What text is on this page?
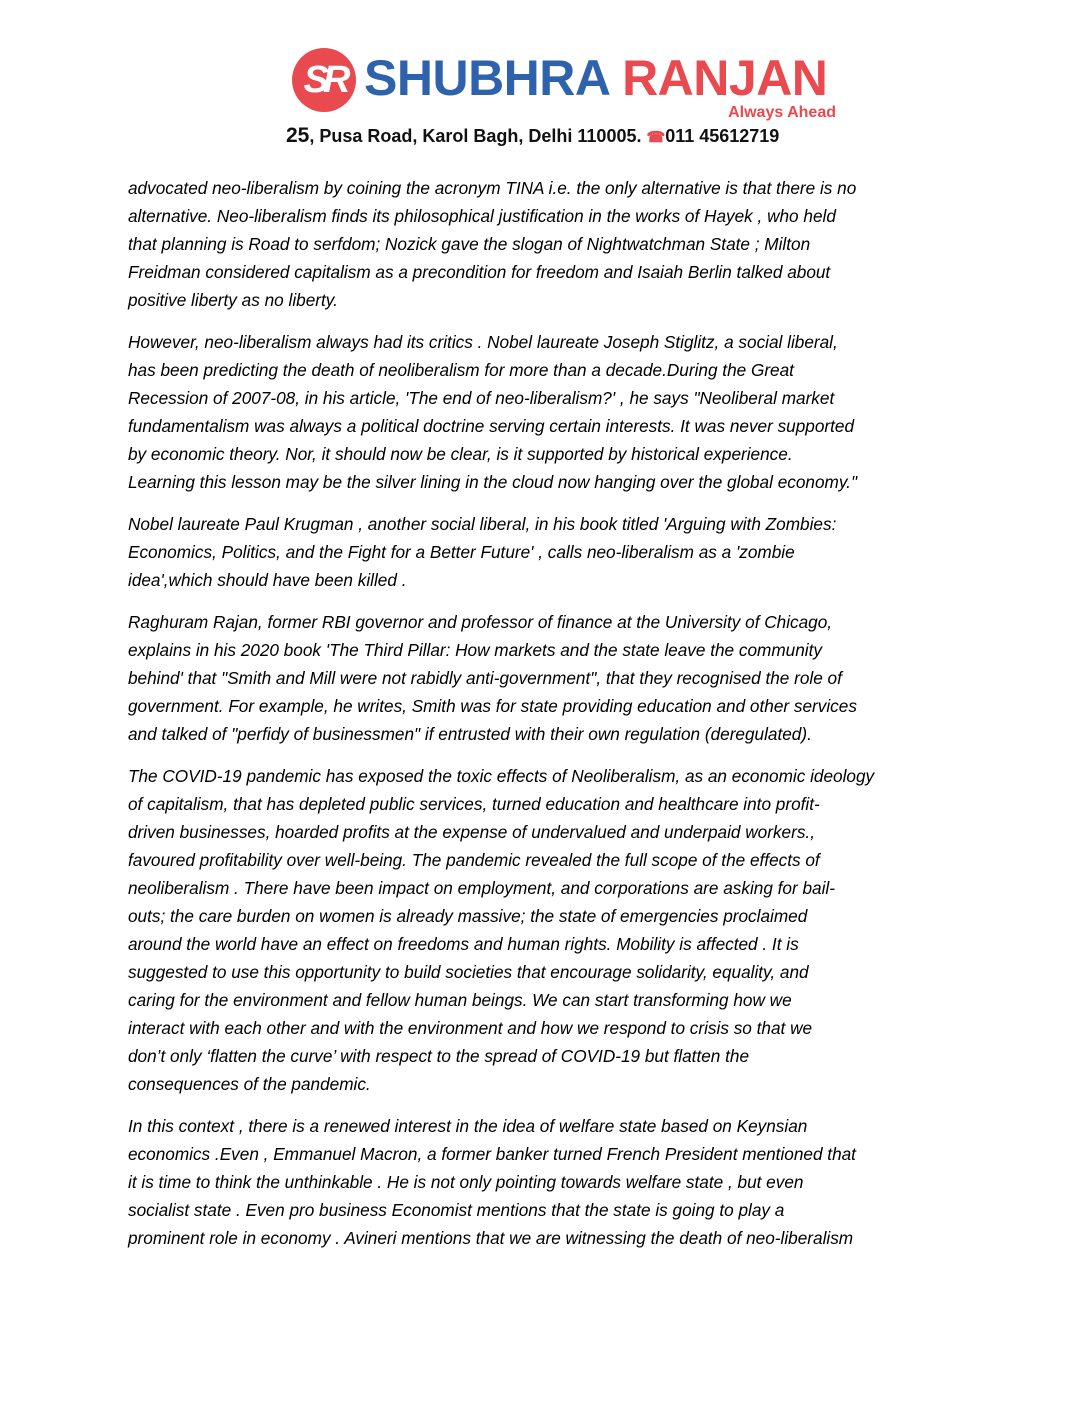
SR SHUBHRA RANJAN
Always Ahead
25, Pusa Road, Karol Bagh, Delhi 110005. ☎011 45612719

advocated neo-liberalism by coining the acronym TINA i.e. the only alternative is that there is no
alternative. Neo-liberalism finds its philosophical justification in the works of Hayek , who held
that planning is Road to serfdom; Nozick gave the slogan of Nightwatchman State ; Milton
Freidman considered capitalism as a precondition for freedom and Isaiah Berlin talked about
positive liberty as no liberty.

However, neo-liberalism always had its critics . Nobel laureate Joseph Stiglitz, a social liberal,
has been predicting the death of neoliberalism for more than a decade.During the Great
Recession of 2007-08, in his article, 'The end of neo-liberalism?' , he says "Neoliberal market
fundamentalism was always a political doctrine serving certain interests. It was never supported
by economic theory. Nor, it should now be clear, is it supported by historical experience.
Learning this lesson may be the silver lining in the cloud now hanging over the global economy."

Nobel laureate Paul Krugman , another social liberal, in his book titled 'Arguing with Zombies:
Economics, Politics, and the Fight for a Better Future' , calls neo-liberalism as a 'zombie
idea',which should have been killed .

Raghuram Rajan, former RBI governor and professor of finance at the University of Chicago,
explains in his 2020 book 'The Third Pillar: How markets and the state leave the community
behind' that "Smith and Mill were not rabidly anti-government", that they recognised the role of
government. For example, he writes, Smith was for state providing education and other services
and talked of "perfidy of businessmen" if entrusted with their own regulation (deregulated).

The COVID-19 pandemic has exposed the toxic effects of Neoliberalism, as an economic ideology
of capitalism, that has depleted public services, turned education and healthcare into profit-
driven businesses, hoarded profits at the expense of undervalued and underpaid workers.,
favoured profitability over well-being. The pandemic revealed the full scope of the effects of
neoliberalism . There have been impact on employment, and corporations are asking for bail-
outs; the care burden on women is already massive; the state of emergencies proclaimed
around the world have an effect on freedoms and human rights. Mobility is affected . It is
suggested to use this opportunity to build societies that encourage solidarity, equality, and
caring for the environment and fellow human beings. We can start transforming how we
interact with each other and with the environment and how we respond to crisis so that we
don’t only ‘flatten the curve’ with respect to the spread of COVID-19 but flatten the
consequences of the pandemic.

In this context , there is a renewed interest in the idea of welfare state based on Keynsian
economics .Even , Emmanuel Macron, a former banker turned French President mentioned that
it is time to think the unthinkable . He is not only pointing towards welfare state , but even
socialist state . Even pro business Economist mentions that the state is going to play a
prominent role in economy . Avineri mentions that we are witnessing the death of neo-liberalism
